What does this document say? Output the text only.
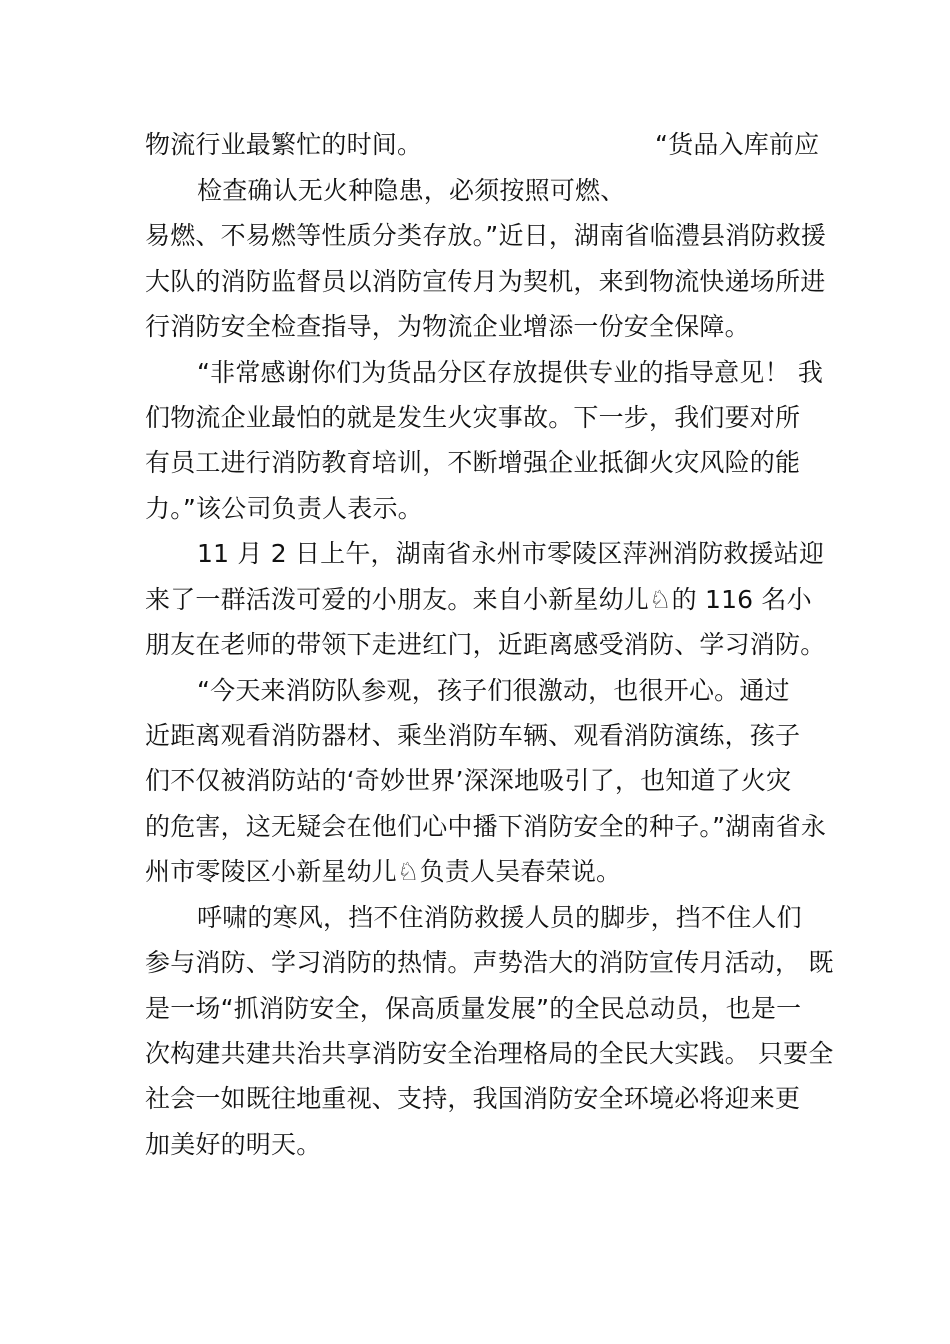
物流行业最繁忙的时间。	“货品入库前应
检查确认无火种隐患，必须按照可燃、
易燃、不易燃等性质分类存放。”近日，湖南省临澧县消防救援
大队的消防监督员以消防宣传月为契机，来到物流快递场所进
行消防安全检查指导，为物流企业增添一份安全保障。
“非常感谢你们为货品分区存放提供专业的指导意见！ 我
们物流企业最怕的就是发生火灾事故。下一步，我们要对所
有员工进行消防教育培训，不断增强企业抵御火灾风险的能
力。”该公司负责人表示。
11 月 2 日上午，湖南省永州市零陵区萍洲消防救援站迎
来了一群活泼可爱的小朋友。来自小新星幼儿♘的 116 名小
朋友在老师的带领下走进红门，近距离感受消防、学习消防。
“今天来消防队参观，孩子们很激动，也很开心。通过
近距离观看消防器材、乘坐消防车辆、观看消防演练，孩子
们不仅被消防站的‘奇妙世界’深深地吸引了，也知道了火灾
的危害，这无疑会在他们心中播下消防安全的种子。”湖南省永
州市零陵区小新星幼儿♘负责人吴春荣说。
呼啸的寒风，挡不住消防救援人员的脚步，挡不住人们
参与消防、学习消防的热情。声势浩大的消防宣传月活动， 既
是一场“抓消防安全，保高质量发展”的全民总动员，也是一
次构建共建共治共享消防安全治理格局的全民大实践。 只要全
社会一如既往地重视、支持，我国消防安全环境必将迎来更
加美好的明天。
